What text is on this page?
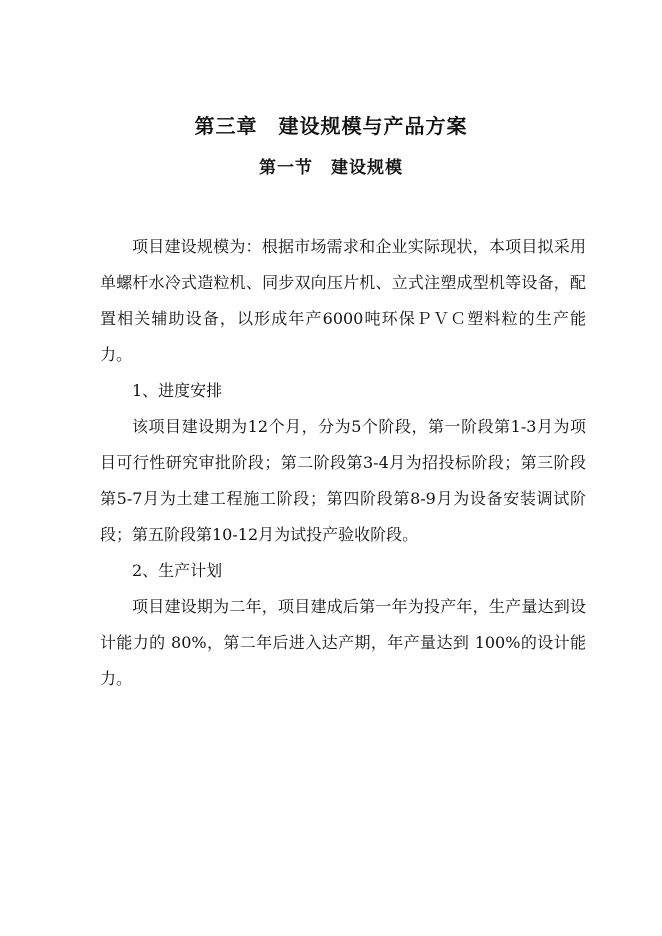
第三章　建设规模与产品方案
第一节　建设规模

项目建设规模为：根据市场需求和企业实际现状，本项目拟采用单螺杆水冷式造粒机、同步双向压片机、立式注塑成型机等设备，配置相关辅助设备，以形成年产6000吨环保ＰＶＣ塑料粒的生产能力。

1、进度安排

该项目建设期为12个月，分为5个阶段，第一阶段第1-3月为项目可行性研究审批阶段；第二阶段第3-4月为招投标阶段；第三阶段第5-7月为土建工程施工阶段；第四阶段第8-9月为设备安装调试阶段；第五阶段第10-12月为试投产验收阶段。

2、生产计划

项目建设期为二年，项目建成后第一年为投产年，生产量达到设计能力的 80%，第二年后进入达产期，年产量达到 100%的设计能力。
